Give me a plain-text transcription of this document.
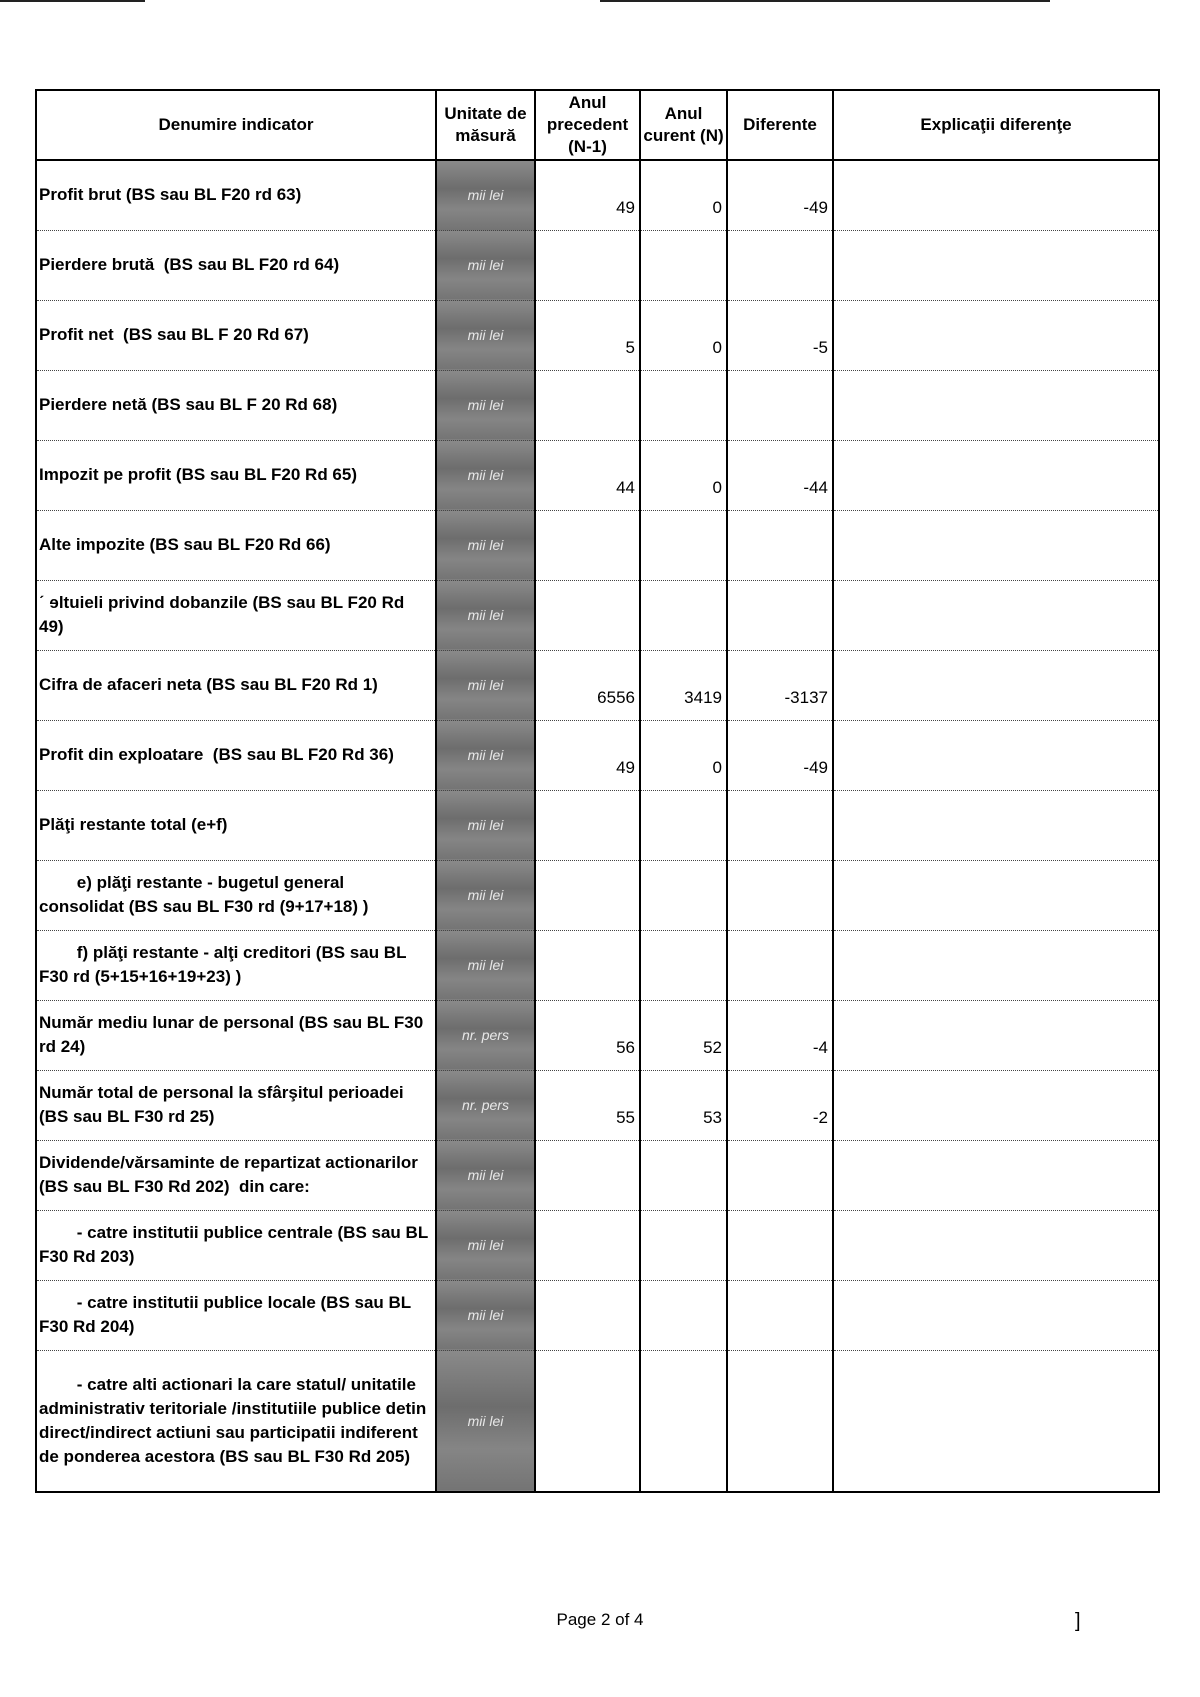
Denumire indicator	Unitate de măsură	Anul precedent (N-1)	Anul curent (N)	Diferente	Explicaţii diferenţe
Profit brut (BS sau BL F20 rd 63)	mii lei	49	0	-49	
Pierdere brută  (BS sau BL F20 rd 64)	mii lei				
Profit net  (BS sau BL F 20 Rd 67)	mii lei	5	0	-5	
Pierdere netă (BS sau BL F 20 Rd 68)	mii lei				
Impozit pe profit (BS sau BL F20 Rd 65)	mii lei	44	0	-44	
Alte impozite (BS sau BL F20 Rd 66)	mii lei				
ˊ ɘltuieli privind dobanzile (BS sau BL F20 Rd 49)	mii lei				
Cifra de afaceri neta (BS sau BL F20 Rd 1)	mii lei	6556	3419	-3137	
Profit din exploatare  (BS sau BL F20 Rd 36)	mii lei	49	0	-49	
Plăţi restante total (e+f)	mii lei				
e) plăţi restante - bugetul general consolidat (BS sau BL F30 rd (9+17+18) )	mii lei				
f) plăţi restante - alţi creditori (BS sau BL F30 rd (5+15+16+19+23) )	mii lei				
Număr mediu lunar de personal (BS sau BL F30 rd 24)	nr. pers	56	52	-4	
Număr total de personal la sfârşitul perioadei (BS sau BL F30 rd 25)	nr. pers	55	53	-2	
Dividende/vărsaminte de repartizat actionarilor (BS sau BL F30 Rd 202)  din care:	mii lei				
- catre institutii publice centrale (BS sau BL F30 Rd 203)	mii lei				
- catre institutii publice locale (BS sau BL F30 Rd 204)	mii lei				
- catre alti actionari la care statul/ unitatile administrativ teritoriale /institutiile publice detin direct/indirect actiuni sau participatii indiferent de ponderea acestora (BS sau BL F30 Rd 205)	mii lei				
Page 2 of 4	]
